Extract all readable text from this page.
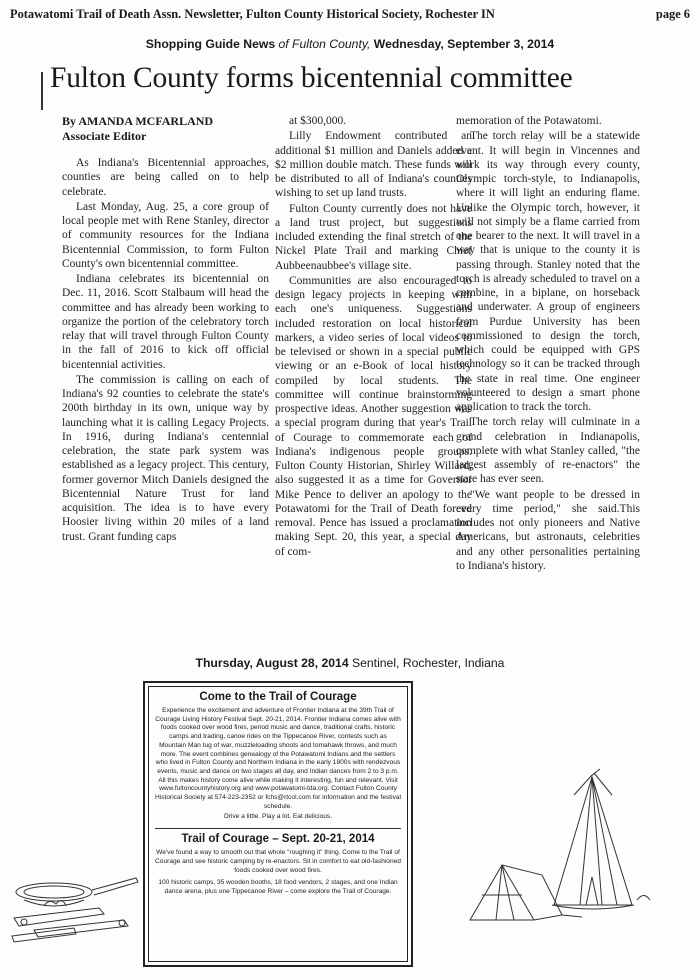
Potawatomi Trail of Death Assn. Newsletter, Fulton County Historical Society, Rochester IN	page 6
Shopping Guide News of Fulton County, Wednesday, September 3, 2014
Fulton County forms bicentennial committee
By AMANDA MCFARLAND
Associate Editor

As Indiana's Bicentennial approaches, counties are being called on to help celebrate.

Last Monday, Aug. 25, a core group of local people met with Rene Stanley, director of community resources for the Indiana Bicentennial Commission, to form Fulton County's own bicentennial committee.

Indiana celebrates its bicentennial on Dec. 11, 2016. Scott Stalbaum will head the committee and has already been working to organize the portion of the celebratory torch relay that will travel through Fulton County in the fall of 2016 to kick off official bicentennial activities.

The commission is calling on each of Indiana's 92 counties to celebrate the state's 200th birthday in its own, unique way by launching what it is calling Legacy Projects. In 1916, during Indiana's centennial celebration, the state park system was established as a legacy project. This century, former governor Mitch Daniels designed the Bicentennial Nature Trust for land acquisition. The idea is to have every Hoosier living within 20 miles of a land trust. Grant funding caps

at $300,000.

Lilly Endowment contributed an additional $1 million and Daniels added a $2 million double match. These funds will be distributed to all of Indiana's counties wishing to set up land trusts.

Fulton County currently does not have a land trust project, but suggestions included extending the final stretch of the Nickel Plate Trail and marking Chief Aubbeenaubbee's village site.

Communities are also encouraged to design legacy projects in keeping with each one's uniqueness. Suggestions included restoration on local historical markers, a video series of local videos to be televised or shown in a special public viewing or an e-Book of local history compiled by local students. The committee will continue brainstorming prospective ideas. Another suggestion was a special program during that year's Trail of Courage to commemorate each of Indiana's indigenous people groups. Fulton County Historian, Shirley Willard, also suggested it as a time for Governor Mike Pence to deliver an apology to the Potawatomi for the Trail of Death forced removal. Pence has issued a proclamation making Sept. 20, this year, a special day of com-

memoration of the Potawatomi.

The torch relay will be a statewide event. It will begin in Vincennes and work its way through every county, Olympic torch-style, to Indianapolis, where it will light an enduring flame. Unlike the Olympic torch, however, it will not simply be a flame carried from one bearer to the next. It will travel in a way that is unique to the county it is passing through. Stanley noted that the torch is already scheduled to travel on a combine, in a biplane, on horseback and underwater. A group of engineers from Purdue University has been commissioned to design the torch, which could be equipped with GPS technology so it can be tracked through the state in real time. One engineer volunteered to design a smart phone application to track the torch.

The torch relay will culminate in a grand celebration in Indianapolis, complete with what Stanley called, "the largest assembly of re-enactors" the state has ever seen.

"We want people to be dressed in every time period," she said.This includes not only pioneers and Native Americans, but astronauts, celebrities and any other personalities pertaining to Indiana's history.

Thursday, August 28, 2014 Sentinel, Rochester, Indiana
Come to the Trail of Courage
Experience the excitement and adventure of Frontier Indiana at the 39th Trail of Courage Living History Festival Sept. 20-21, 2014. Frontier Indiana comes alive with foods cooked over wood fires, period music and dance, traditional crafts, historic camps and trading, canoe rides on the Tippecanoe River, contests such as Mountain Man tug of war, muzzleloading shoots and tomahawk throws, and much more. The event combines genealogy of the Potawatomi Indians and the settlers who lived in Fulton County and Northern Indiana in the early 1800s with rendezvous events, music and dance on two stages all day, and Indian dances from 2 to 3 p.m. All this makes history come alive while making it interesting, fun and relevant. Visit www.fultoncountyhistory.org and www.potawatomi-tda.org. Contact Fulton County Historical Society at 574-223-2352 or fchs@rtcol.com for information and the festival schedule.
Drive a little. Play a lot. Eat delicious.
Trail of Courage – Sept. 20-21, 2014
We've found a way to smooth out that whole "roughing it" thing. Come to the Trail of Courage and see historic camping by re-enactors. Sit in comfort to eat old-fashioned foods cooked over wood fires.
100 historic camps, 35 wooden booths, 18 food vendors, 2 stages, and one Indian dance arena, plus one Tippecanoe River – come explore the Trail of Courage.
